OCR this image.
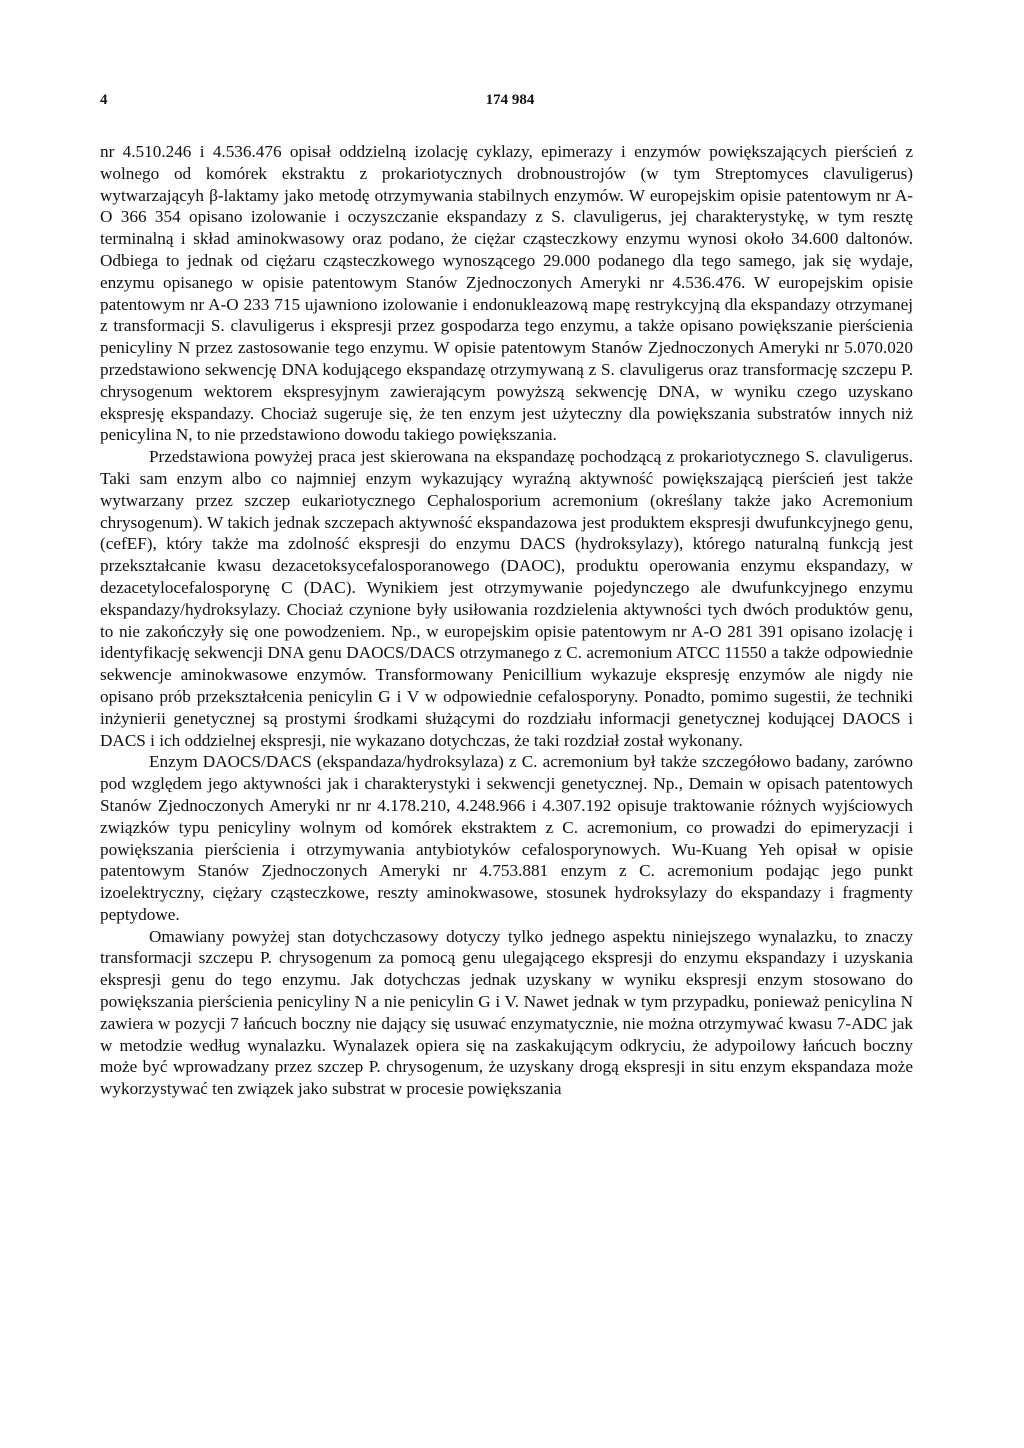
4	174 984

nr 4.510.246 i 4.536.476 opisał oddzielną izolację cyklazy, epimerazy i enzymów powiększających pierścień z wolnego od komórek ekstraktu z prokariotycznych drobnoustrojów (w tym Streptomyces clavuligerus) wytwarzającyh β-laktamy jako metodę otrzymywania stabilnych enzymów. W europejskim opisie patentowym nr A-O 366 354 opisano izolowanie i oczyszczanie ekspandazy z S. clavuligerus, jej charakterystykę, w tym resztę terminalną i skład aminokwasowy oraz podano, że ciężar cząsteczkowy enzymu wynosi około 34.600 daltonów. Odbiega to jednak od ciężaru cząsteczkowego wynoszącego 29.000 podanego dla tego samego, jak się wydaje, enzymu opisanego w opisie patentowym Stanów Zjednoczonych Ameryki nr 4.536.476. W europejskim opisie patentowym nr A-O 233 715 ujawniono izolowanie i endonukleazową mapę restrykcyjną dla ekspandazy otrzymanej z transformacji S. clavuligerus i ekspresji przez gospodarza tego enzymu, a także opisano powiększanie pierścienia penicyliny N przez zastosowanie tego enzymu. W opisie patentowym Stanów Zjednoczonych Ameryki nr 5.070.020 przedstawiono sekwencję DNA kodującego ekspandazę otrzymywaną z S. clavuligerus oraz transformację szczepu P. chrysogenum wektorem ekspresyjnym zawierającym powyższą sekwencję DNA, w wyniku czego uzyskano ekspresję ekspandazy. Chociaż sugeruje się, że ten enzym jest użyteczny dla powiększania substratów innych niż penicylina N, to nie przedstawiono dowodu takiego powiększania.

Przedstawiona powyżej praca jest skierowana na ekspandazę pochodzącą z prokariotycznego S. clavuligerus. Taki sam enzym albo co najmniej enzym wykazujący wyraźną aktywność powiększającą pierścień jest także wytwarzany przez szczep eukariotycznego Cephalosporium acremonium (określany także jako Acremonium chrysogenum). W takich jednak szczepach aktywność ekspandazowa jest produktem ekspresji dwufunkcyjnego genu, (cefEF), który także ma zdolność ekspresji do enzymu DACS (hydroksylazy), którego naturalną funkcją jest przekształcanie kwasu dezacetoksycefalosporanowego (DAOC), produktu operowania enzymu ekspandazy, w dezacetylocefalosporynę C (DAC). Wynikiem jest otrzymywanie pojedynczego ale dwufunkcyjnego enzymu ekspandazy/hydroksylazy. Chociaż czynione były usiłowania rozdzielenia aktywności tych dwóch produktów genu, to nie zakończyły się one powodzeniem. Np., w europejskim opisie patentowym nr A-O 281 391 opisano izolację i identyfikację sekwencji DNA genu DAOCS/DACS otrzymanego z C. acremonium ATCC 11550 a także odpowiednie sekwencje aminokwasowe enzymów. Transformowany Penicillium wykazuje ekspresję enzymów ale nigdy nie opisano prób przekształcenia penicylin G i V w odpowiednie cefalosporyny. Ponadto, pomimo sugestii, że techniki inżynierii genetycznej są prostymi środkami służącymi do rozdziału informacji genetycznej kodującej DAOCS i DACS i ich oddzielnej ekspresji, nie wykazano dotychczas, że taki rozdział został wykonany.

Enzym DAOCS/DACS (ekspandaza/hydroksylaza) z C. acremonium był także szczegółowo badany, zarówno pod względem jego aktywności jak i charakterystyki i sekwencji genetycznej. Np., Demain w opisach patentowych Stanów Zjednoczonych Ameryki nr nr 4.178.210, 4.248.966 i 4.307.192 opisuje traktowanie różnych wyjściowych związków typu penicyliny wolnym od komórek ekstraktem z C. acremonium, co prowadzi do epimeryzacji i powiększania pierścienia i otrzymywania antybiotyków cefalosporynowych. Wu-Kuang Yeh opisał w opisie patentowym Stanów Zjednoczonych Ameryki nr 4.753.881 enzym z C. acremonium podając jego punkt izoelektryczny, ciężary cząsteczkowe, reszty aminokwasowe, stosunek hydroksylazy do ekspandazy i fragmenty peptydowe.

Omawiany powyżej stan dotychczasowy dotyczy tylko jednego aspektu niniejszego wynalazku, to znaczy transformacji szczepu P. chrysogenum za pomocą genu ulegającego ekspresji do enzymu ekspandazy i uzyskania ekspresji genu do tego enzymu. Jak dotychczas jednak uzyskany w wyniku ekspresji enzym stosowano do powiększania pierścienia penicyliny N a nie penicylin G i V. Nawet jednak w tym przypadku, ponieważ penicylina N zawiera w pozycji 7 łańcuch boczny nie dający się usuwać enzymatycznie, nie można otrzymywać kwasu 7-ADC jak w metodzie według wynalazku. Wynalazek opiera się na zaskakującym odkryciu, że adypoilowy łańcuch boczny może być wprowadzany przez szczep P. chrysogenum, że uzyskany drogą ekspresji in situ enzym ekspandaza może wykorzystywać ten związek jako substrat w procesie powiększania
